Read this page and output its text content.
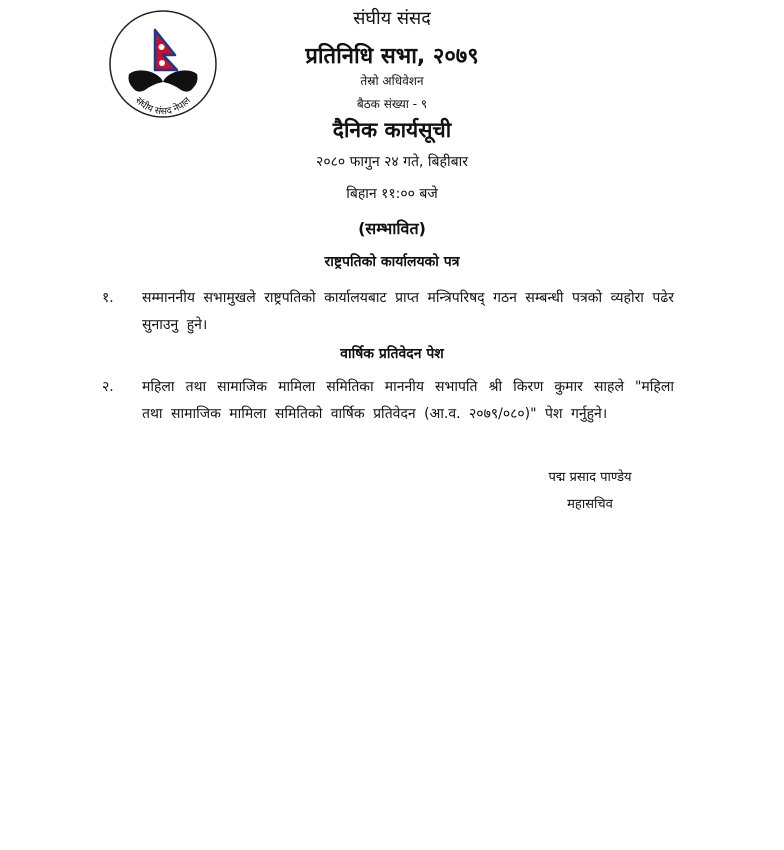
संघीय संसद नेपाल
संघीय संसद
प्रतिनिधि सभा, २०७९
तेस्रो अधिवेशन
बैठक संख्या - ९
दैनिक कार्यसूची
२०८० फागुन २४ गते, बिहीबार
बिहान ११:०० बजे
(सम्भावित)
राष्ट्रपतिको कार्यालयको पत्र
१.	सम्माननीय सभामुखले राष्ट्रपतिको कार्यालयबाट प्राप्त मन्त्रिपरिषद् गठन सम्बन्धी पत्रको व्यहोरा पढेर सुनाउनु हुने।
वार्षिक प्रतिवेदन पेश
२.	महिला तथा सामाजिक मामिला समितिका माननीय सभापति श्री किरण कुमार साहले "महिला तथा सामाजिक मामिला समितिको वार्षिक प्रतिवेदन (आ.व. २०७९/०८०)" पेश गर्नुहुने।
पद्म प्रसाद पाण्डेय
महासचिव
